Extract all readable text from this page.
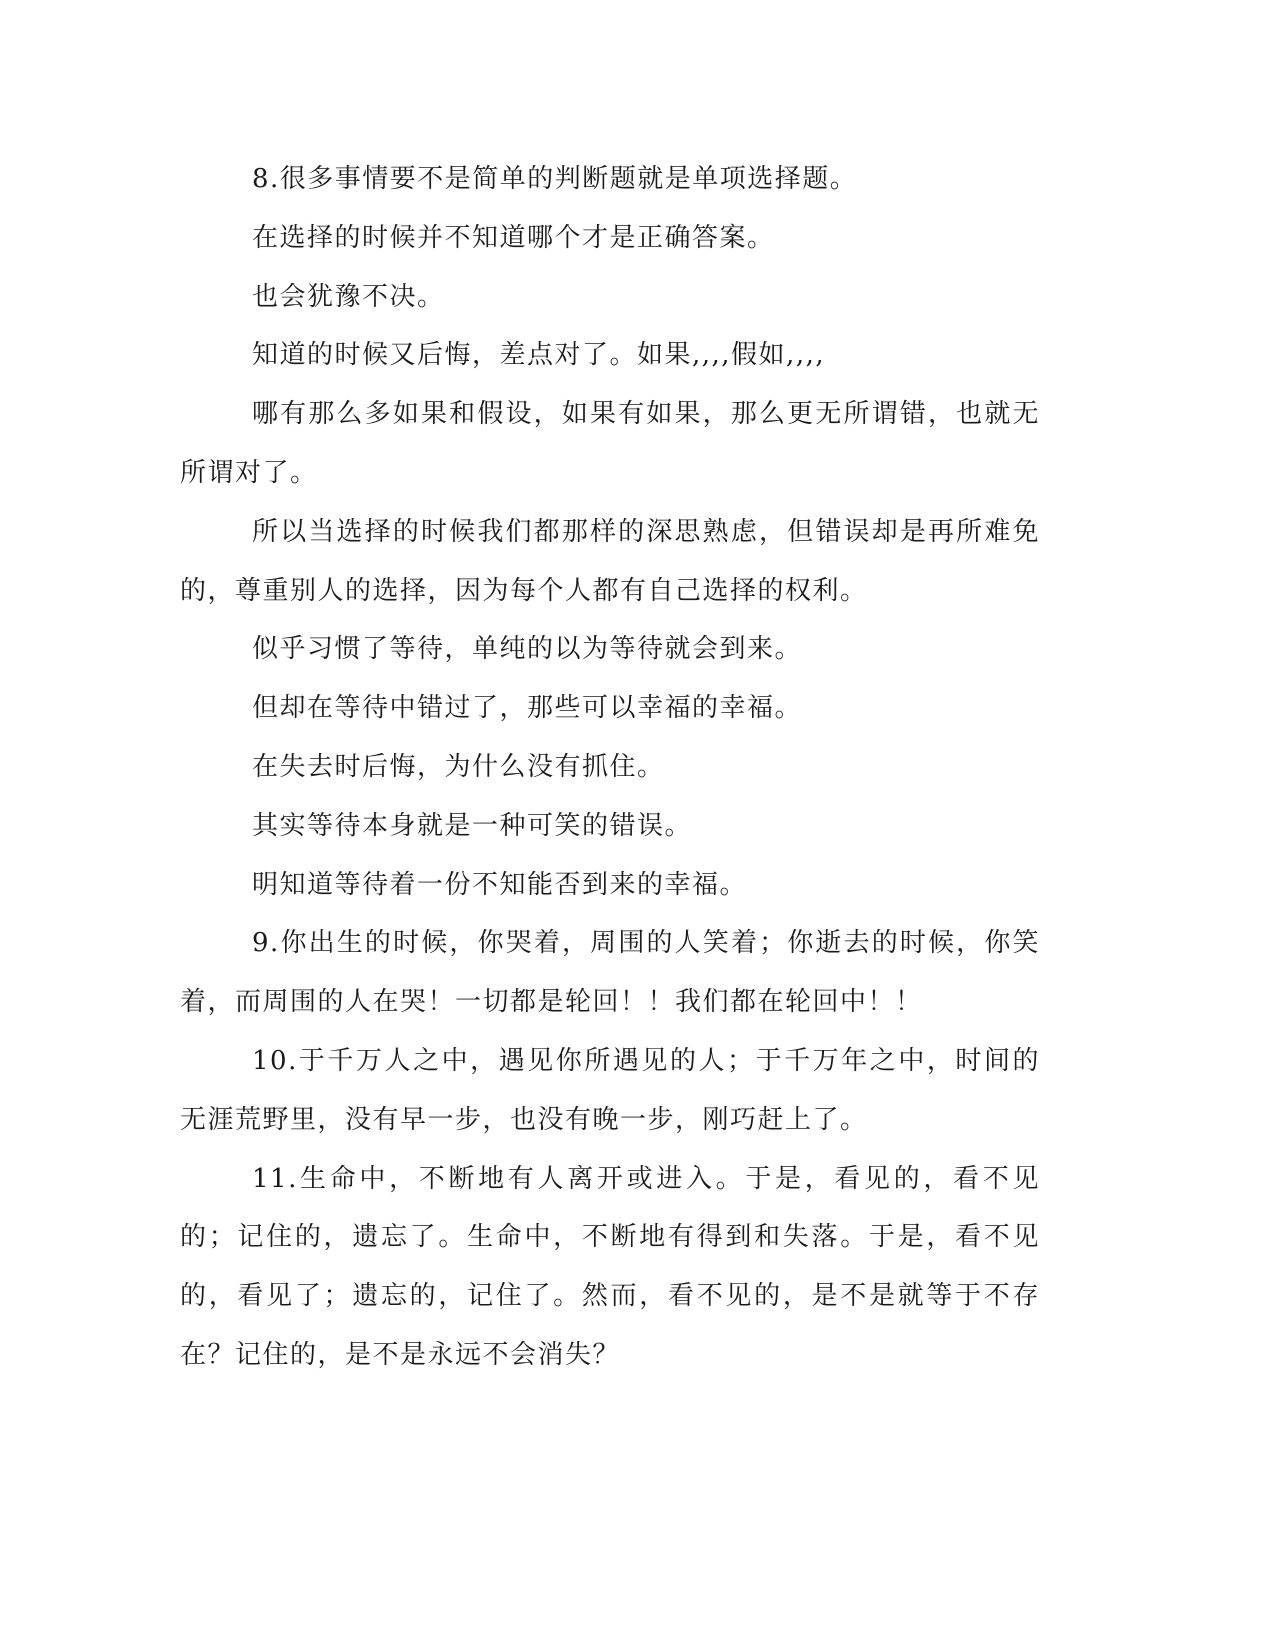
8.很多事情要不是简单的判断题就是单项选择题。

在选择的时候并不知道哪个才是正确答案。

也会犹豫不决。

知道的时候又后悔，差点对了。如果,,,,假如,,,,

哪有那么多如果和假设，如果有如果，那么更无所谓错，也就无所谓对了。

所以当选择的时候我们都那样的深思熟虑，但错误却是再所难免的，尊重别人的选择，因为每个人都有自己选择的权利。

似乎习惯了等待，单纯的以为等待就会到来。

但却在等待中错过了，那些可以幸福的幸福。

在失去时后悔，为什么没有抓住。

其实等待本身就是一种可笑的错误。

明知道等待着一份不知能否到来的幸福。

9.你出生的时候，你哭着，周围的人笑着；你逝去的时候，你笑着，而周围的人在哭！一切都是轮回！！我们都在轮回中！！

10.于千万人之中，遇见你所遇见的人；于千万年之中，时间的无涯荒野里，没有早一步，也没有晚一步，刚巧赶上了。

11.生命中，不断地有人离开或进入。于是，看见的，看不见的；记住的，遗忘了。生命中，不断地有得到和失落。于是，看不见的，看见了；遗忘的，记住了。然而，看不见的，是不是就等于不存在？记住的，是不是永远不会消失？
